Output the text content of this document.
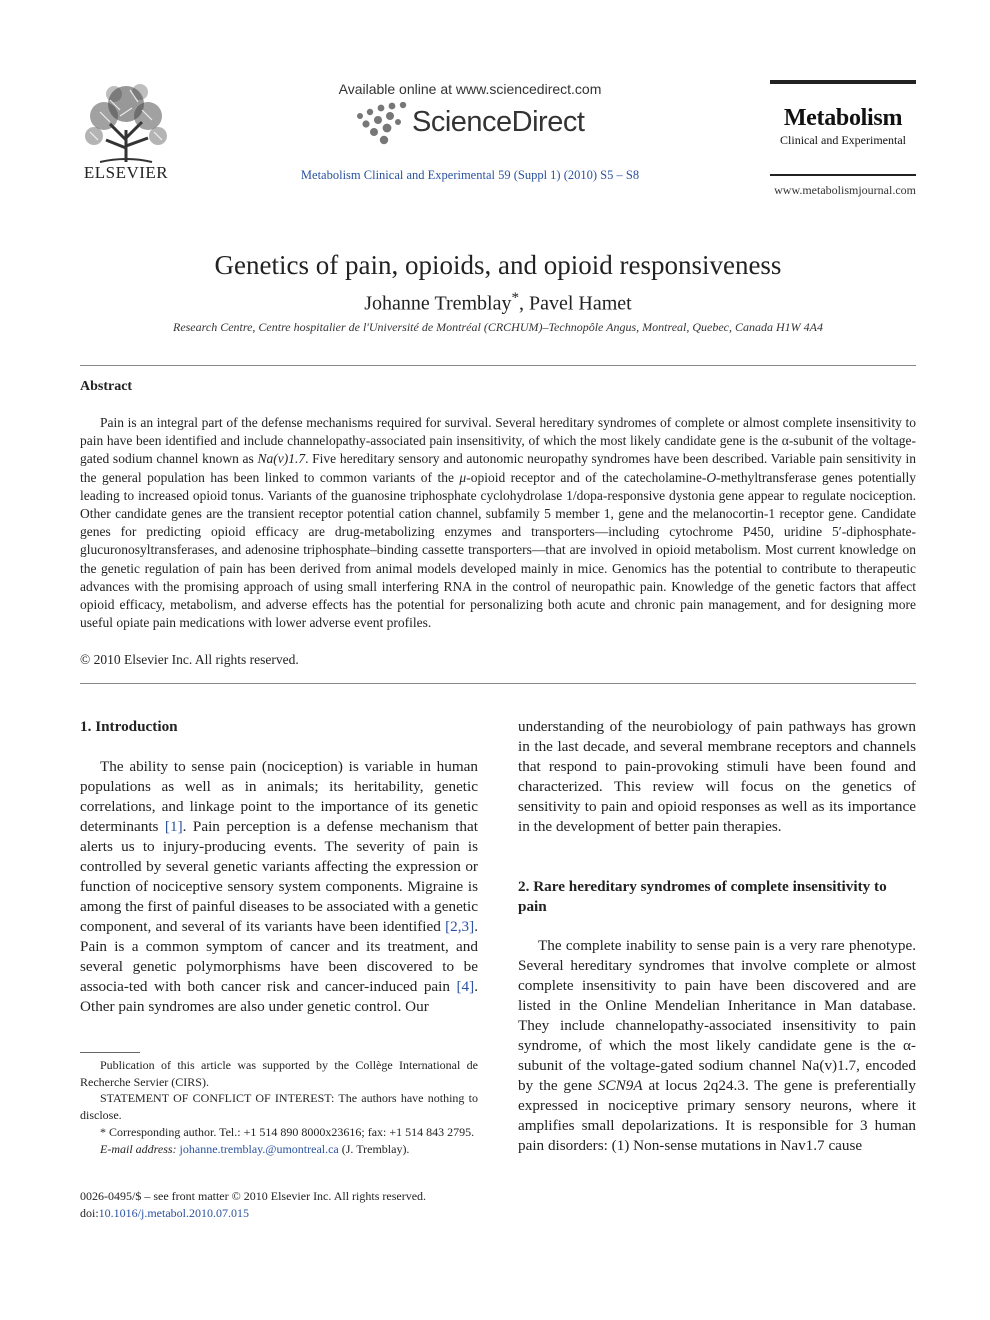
ELSEVIER
Available online at www.sciencedirect.com
ScienceDirect
Metabolism Clinical and Experimental 59 (Suppl 1) (2010) S5 – S8
Metabolism
Clinical and Experimental
www.metabolismjournal.com
Genetics of pain, opioids, and opioid responsiveness
Johanne Tremblay*, Pavel Hamet
Research Centre, Centre hospitalier de l'Université de Montréal (CRCHUM)–Technopôle Angus, Montreal, Quebec, Canada H1W 4A4
Abstract
Pain is an integral part of the defense mechanisms required for survival. Several hereditary syndromes of complete or almost complete insensitivity to pain have been identified and include channelopathy-associated pain insensitivity, of which the most likely candidate gene is the α-subunit of the voltage-gated sodium channel known as Na(v)1.7. Five hereditary sensory and autonomic neuropathy syndromes have been described. Variable pain sensitivity in the general population has been linked to common variants of the μ-opioid receptor and of the catecholamine-O-methyltransferase genes potentially leading to increased opioid tonus. Variants of the guanosine triphosphate cyclohydrolase 1/dopa-responsive dystonia gene appear to regulate nociception. Other candidate genes are the transient receptor potential cation channel, subfamily 5 member 1, gene and the melanocortin-1 receptor gene. Candidate genes for predicting opioid efficacy are drug-metabolizing enzymes and transporters—including cytochrome P450, uridine 5′-diphosphate-glucuronosyltransferases, and adenosine triphosphate–binding cassette transporters—that are involved in opioid metabolism. Most current knowledge on the genetic regulation of pain has been derived from animal models developed mainly in mice. Genomics has the potential to contribute to therapeutic advances with the promising approach of using small interfering RNA in the control of neuropathic pain. Knowledge of the genetic factors that affect opioid efficacy, metabolism, and adverse effects has the potential for personalizing both acute and chronic pain management, and for designing more useful opiate pain medications with lower adverse event profiles.
© 2010 Elsevier Inc. All rights reserved.
1. Introduction

The ability to sense pain (nociception) is variable in human populations as well as in animals; its heritability, genetic correlations, and linkage point to the importance of its genetic determinants [1]. Pain perception is a defense mechanism that alerts us to injury-producing events. The severity of pain is controlled by several genetic variants affecting the expression or function of nociceptive sensory system components. Migraine is among the first of painful diseases to be associated with a genetic component, and several of its variants have been identified [2,3]. Pain is a common symptom of cancer and its treatment, and several genetic polymorphisms have been discovered to be associa-ted with both cancer risk and cancer-induced pain [4]. Other pain syndromes are also under genetic control. Our

Publication of this article was supported by the Collège International de Recherche Servier (CIRS).

STATEMENT OF CONFLICT OF INTEREST: The authors have nothing to disclose.

* Corresponding author. Tel.: +1 514 890 8000x23616; fax: +1 514 843 2795.

E-mail address: johanne.tremblay.@umontreal.ca (J. Tremblay).

0026-0495/$ – see front matter © 2010 Elsevier Inc. All rights reserved.
doi:10.1016/j.metabol.2010.07.015

understanding of the neurobiology of pain pathways has grown in the last decade, and several membrane receptors and channels that respond to pain-provoking stimuli have been found and characterized. This review will focus on the genetics of sensitivity to pain and opioid responses as well as its importance in the development of better pain therapies.

2. Rare hereditary syndromes of complete insensitivity to pain

The complete inability to sense pain is a very rare phenotype. Several hereditary syndromes that involve complete or almost complete insensitivity to pain have been discovered and are listed in the Online Mendelian Inheritance in Man database. They include channelopathy-associated insensitivity to pain syndrome, of which the most likely candidate gene is the α-subunit of the voltage-gated sodium channel Na(v)1.7, encoded by the gene SCN9A at locus 2q24.3. The gene is preferentially expressed in nociceptive primary sensory neurons, where it amplifies small depolarizations. It is responsible for 3 human pain disorders: (1) Non-sense mutations in Nav1.7 cause
